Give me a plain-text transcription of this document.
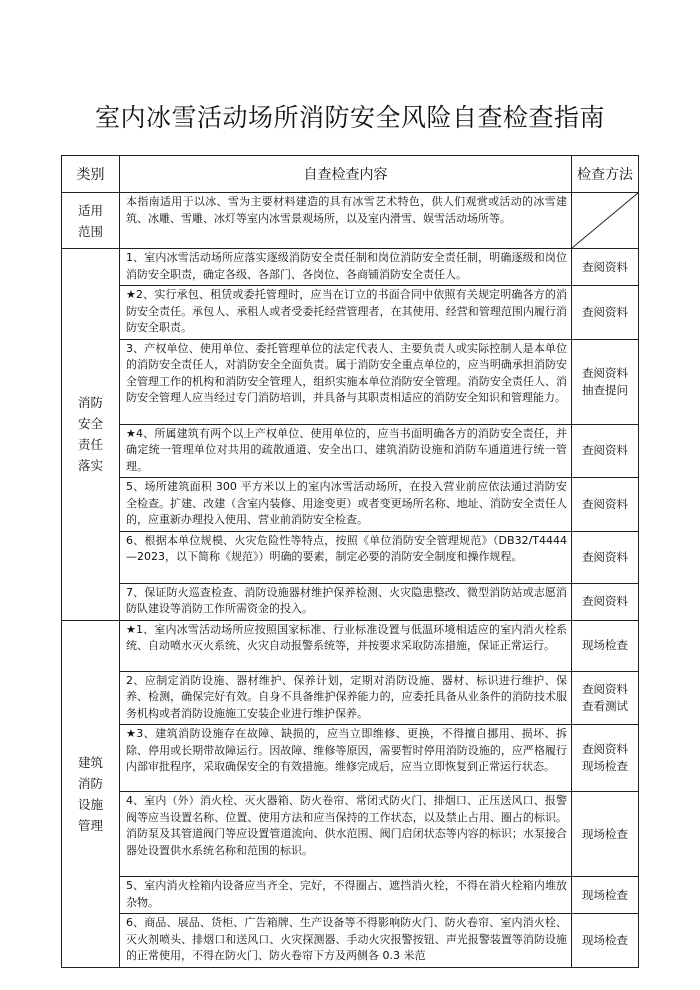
室内冰雪活动场所消防安全风险自查检查指南
类别	自查检查内容	检查方法
适用范围	本指南适用于以冰、雪为主要材料建造的具有冰雪艺术特色，供人们观赏或活动的冰雪建筑、冰雕、雪雕、冰灯等室内冰雪景观场所，以及室内滑雪、娱雪活动场所等。	

消防安全责任落实	1、室内冰雪活动场所应落实逐级消防安全责任制和岗位消防安全责任制，明确逐级和岗位消防安全职责，确定各级、各部门、各岗位、各商铺消防安全责任人。	查阅资料

	★2、实行承包、租赁或委托管理时，应当在订立的书面合同中依照有关规定明确各方的消防安全责任。承包人、承租人或者受委托经营管理者，在其使用、经营和管理范围内履行消防安全职责。	查阅资料

	3、产权单位、使用单位、委托管理单位的法定代表人、主要负责人或实际控制人是本单位的消防安全责任人，对消防安全全面负责。属于消防安全重点单位的，应当明确承担消防安全管理工作的机构和消防安全管理人，组织实施本单位消防安全管理。消防安全责任人、消防安全管理人应当经过专门消防培训，并具备与其职责相适应的消防安全知识和管理能力。	查阅资料
抽查提问

	★4、所属建筑有两个以上产权单位、使用单位的，应当书面明确各方的消防安全责任，并确定统一管理单位对共用的疏散通道、安全出口、建筑消防设施和消防车通道进行统一管理。	查阅资料

	5、场所建筑面积 300 平方米以上的室内冰雪活动场所，在投入营业前应依法通过消防安全检查。扩建、改建（含室内装修、用途变更）或者变更场所名称、地址、消防安全责任人的，应重新办理投入使用、营业前消防安全检查。	查阅资料

	6、根据本单位规模、火灾危险性等特点，按照《单位消防安全管理规范》（DB32/T4444—2023，以下简称《规范》）明确的要素，制定必要的消防安全制度和操作规程。	查阅资料

	7、保证防火巡查检查、消防设施器材维护保养检测、火灾隐患整改、微型消防站或志愿消防队建设等消防工作所需资金的投入。	查阅资料

建筑消防设施管理	★1、室内冰雪活动场所应按照国家标准、行业标准设置与低温环境相适应的室内消火栓系统、自动喷水灭火系统、火灾自动报警系统等，并按要求采取防冻措施，保证正常运行。	现场检查

	2、应制定消防设施、器材维护、保养计划，定期对消防设施、器材、标识进行维护、保养、检测，确保完好有效。自身不具备维护保养能力的，应委托具备从业条件的消防技术服务机构或者消防设施施工安装企业进行维护保养。	查阅资料
查看测试

	★3、建筑消防设施存在故障、缺损的，应当立即维修、更换，不得擅自挪用、损坏、拆除、停用或长期带故障运行。因故障、维修等原因，需要暂时停用消防设施的，应严格履行内部审批程序，采取确保安全的有效措施。维修完成后，应当立即恢复到正常运行状态。	查阅资料
现场检查

	4、室内（外）消火栓、灭火器箱、防火卷帘、常闭式防火门、排烟口、正压送风口、报警阀等应当设置名称、位置、使用方法和应当保持的工作状态，以及禁止占用、圈占的标识。消防泵及其管道阀门等应设置管道流向、供水范围、阀门启闭状态等内容的标识；水泵接合器处设置供水系统名称和范围的标识。	现场检查

	5、室内消火栓箱内设备应当齐全、完好，不得圈占、遮挡消火栓，不得在消火栓箱内堆放杂物。	现场检查

	6、商品、展品、货柜、广告箱牌、生产设备等不得影响防火门、防火卷帘、室内消火栓、灭火剂喷头、排烟口和送风口、火灾探测器、手动火灾报警按钮、声光报警装置等消防设施的正常使用，不得在防火门、防火卷帘下方及两侧各 0.3 米范	现场检查
